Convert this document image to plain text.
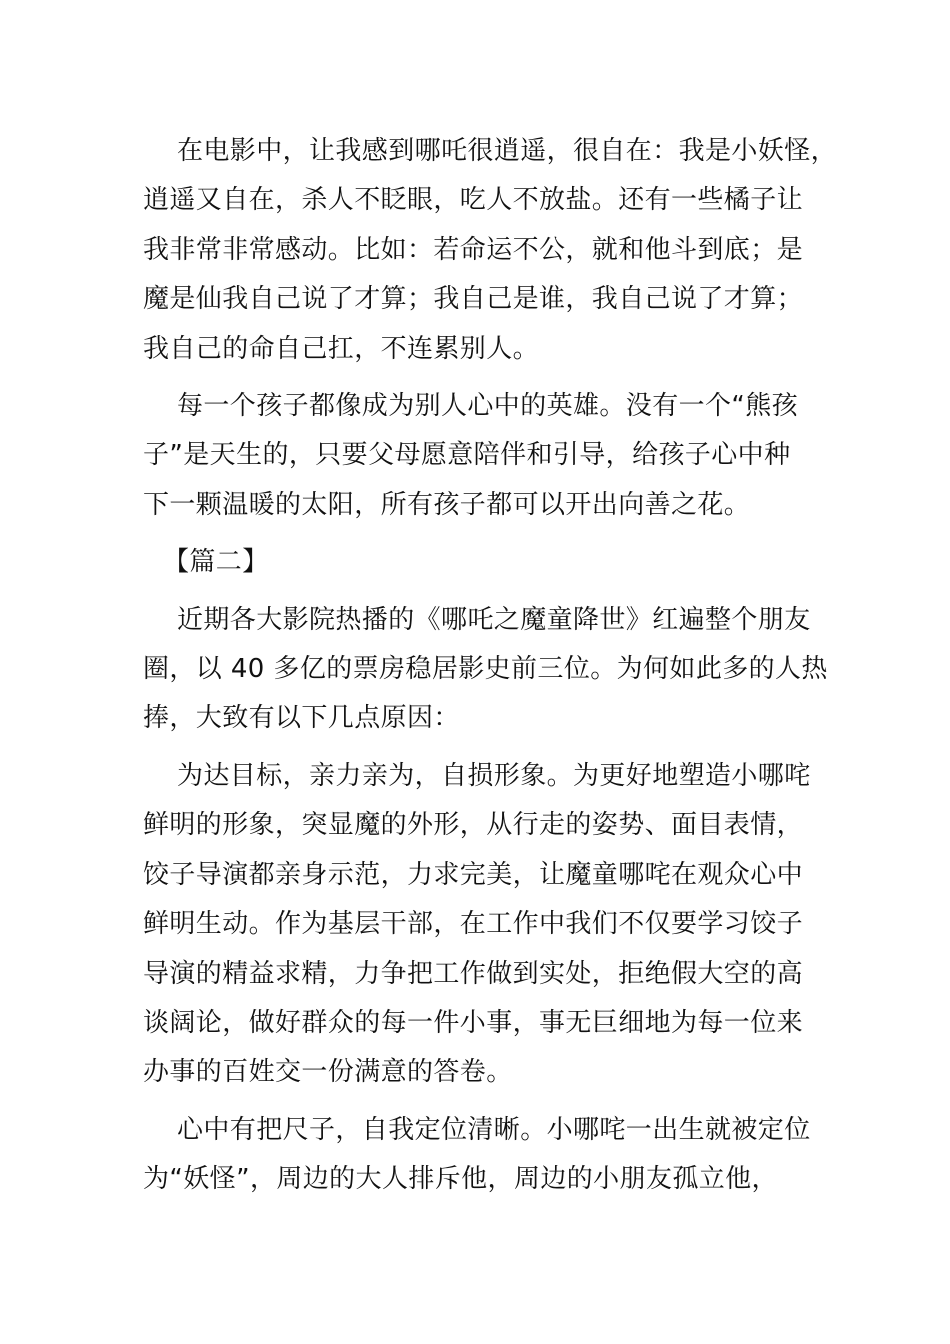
在电影中，让我感到哪吒很逍遥，很自在：我是小妖怪，
逍遥又自在，杀人不眨眼，吃人不放盐。还有一些橘子让
我非常非常感动。比如：若命运不公，就和他斗到底；是
魔是仙我自己说了才算；我自己是谁，我自己说了才算；
我自己的命自己扛，不连累别人。
每一个孩子都像成为别人心中的英雄。没有一个“熊孩
子”是天生的，只要父母愿意陪伴和引导，给孩子心中种
下一颗温暖的太阳，所有孩子都可以开出向善之花。
【篇二】
近期各大影院热播的《哪吒之魔童降世》红遍整个朋友
圈，以 40 多亿的票房稳居影史前三位。为何如此多的人热
捧，大致有以下几点原因：
为达目标，亲力亲为，自损形象。为更好地塑造小哪咤
鲜明的形象，突显魔的外形，从行走的姿势、面目表情，
饺子导演都亲身示范，力求完美，让魔童哪咤在观众心中
鲜明生动。作为基层干部，在工作中我们不仅要学习饺子
导演的精益求精，力争把工作做到实处，拒绝假大空的高
谈阔论，做好群众的每一件小事，事无巨细地为每一位来
办事的百姓交一份满意的答卷。
心中有把尺子，自我定位清晰。小哪咤一出生就被定位
为“妖怪”，周边的大人排斥他，周边的小朋友孤立他，
